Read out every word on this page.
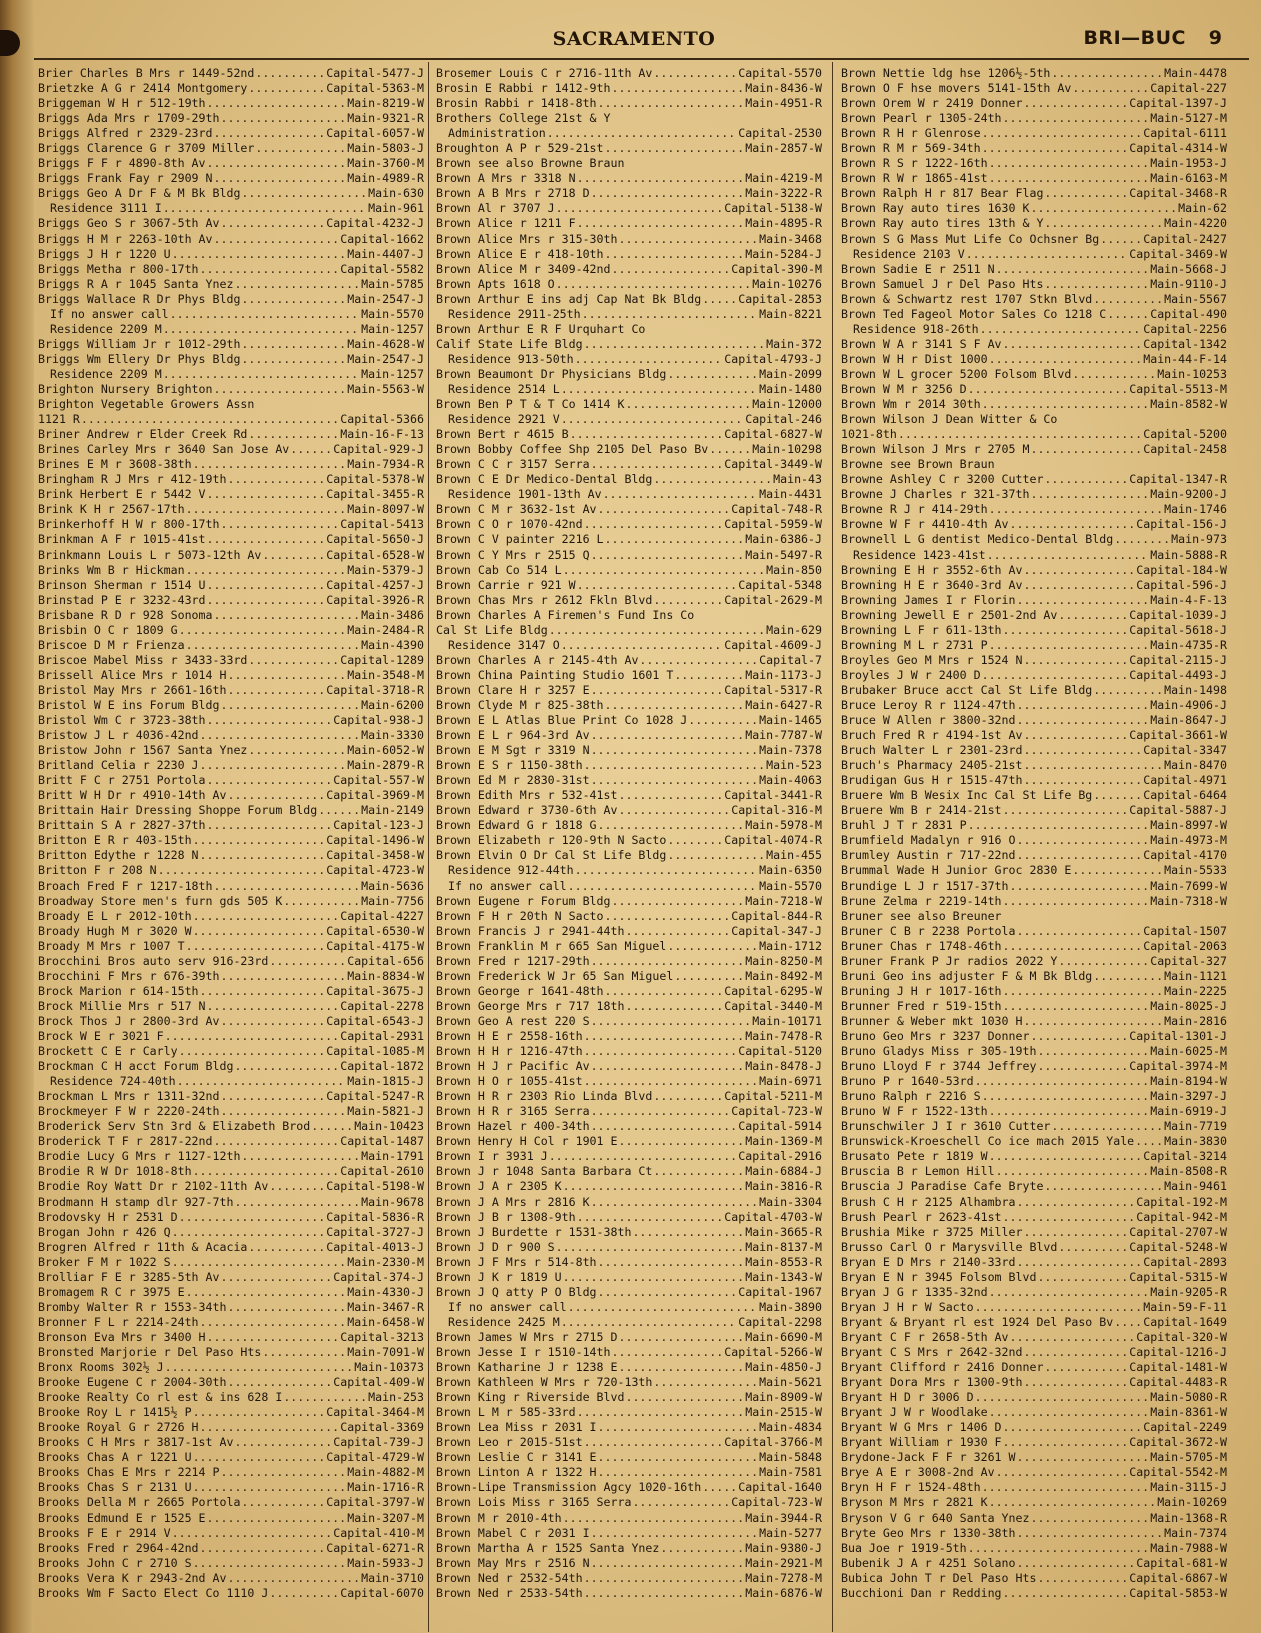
SACRAMENTO	BRI—BUC 9
Brier Charles B Mrs r 1449-52nd .....	Capital-5477-J
Brietzke A G r 2414 Montgomery .....	Capital-5363-M
Briggeman W H r 512-19th .....	Main-8219-W
Briggs Ada Mrs r 1709-29th .....	Main-9321-R
Briggs Alfred r 2329-23rd .....	Capital-6057-W
Briggs Clarence G r 3709 Miller .....	Main-5803-J
Briggs F F r 4890-8th Av .....	Main-3760-M
Briggs Frank Fay r 2909 N .....	Main-4989-R
Briggs Geo A Dr F & M Bk Bldg .....	Main-630
Residence 3111 I .....	Main-961
Briggs Geo S r 3067-5th Av .....	Capital-4232-J
Briggs H M r 2263-10th Av .....	Capital-1662
Briggs J H r 1220 U .....	Main-4407-J
Briggs Metha r 800-17th .....	Capital-5582
Briggs R A r 1045 Santa Ynez .....	Main-5785
Briggs Wallace R Dr Phys Bldg .....	Main-2547-J
If no answer call .....	Main-5570
Residence 2209 M .....	Main-1257
Briggs William Jr r 1012-29th .....	Main-4628-W
Briggs Wm Ellery Dr Phys Bldg .....	Main-2547-J
Residence 2209 M .....	Main-1257
Brighton Nursery Brighton .....	Main-5563-W
Brighton Vegetable Growers Assn
1121 R .....	Capital-5366
Briner Andrew r Elder Creek Rd .....	Main-16-F-13
Brines Carley Mrs r 3640 San Jose Av .....	Capital-929-J
Brines E M r 3608-38th .....	Main-7934-R
Bringham R J Mrs r 412-19th .....	Capital-5378-W
Brink Herbert E r 5442 V .....	Capital-3455-R
Brink K H r 2567-17th .....	Main-8097-W
Brinkerhoff H W r 800-17th .....	Capital-5413
Brinkman A F r 1015-41st .....	Capital-5650-J
Brinkmann Louis L r 5073-12th Av .....	Capital-6528-W
Brinks Wm B r Hickman .....	Main-5379-J
Brinson Sherman r 1514 U .....	Capital-4257-J
Brinstad P E r 3232-43rd .....	Capital-3926-R
Brisbane R D r 928 Sonoma .....	Main-3486
Brisbin O C r 1809 G .....	Main-2484-R
Briscoe D M r Frienza .....	Main-4390
Briscoe Mabel Miss r 3433-33rd .....	Capital-1289
Brissell Alice Mrs r 1014 H .....	Main-3548-M
Bristol May Mrs r 2661-16th .....	Capital-3718-R
Bristol W E ins Forum Bldg .....	Main-6200
Bristol Wm C r 3723-38th .....	Capital-938-J
Bristow J L r 4036-42nd .....	Main-3330
Bristow John r 1567 Santa Ynez .....	Main-6052-W
Britland Celia r 2230 J .....	Main-2879-R
Britt F C r 2751 Portola .....	Capital-557-W
Britt W H Dr r 4910-14th Av .....	Capital-3969-M
Brittain Hair Dressing Shoppe Forum Bldg .....	Main-2149
Brittain S A r 2827-37th .....	Capital-123-J
Britton E R r 403-15th .....	Capital-1496-W
Britton Edythe r 1228 N .....	Capital-3458-W
Britton F r 208 N .....	Capital-4723-W
Broach Fred F r 1217-18th .....	Main-5636
Broadway Store men's furn gds 505 K .....	Main-7756
Broady E L r 2012-10th .....	Capital-4227
Broady Hugh M r 3020 W .....	Capital-6530-W
Broady M Mrs r 1007 T .....	Capital-4175-W
Brocchini Bros auto serv 916-23rd .....	Capital-656
Brocchini F Mrs r 676-39th .....	Main-8834-W
Brock Marion r 614-15th .....	Capital-3675-J
Brock Millie Mrs r 517 N .....	Capital-2278
Brock Thos J r 2800-3rd Av .....	Capital-6543-J
Brock W E r 3021 F .....	Capital-2931
Brockett C E r Carly .....	Capital-1085-M
Brockman C H acct Forum Bldg .....	Capital-1872
Residence 724-40th .....	Main-1815-J
Brockman L Mrs r 1311-32nd .....	Capital-5247-R
Brockmeyer F W r 2220-24th .....	Main-5821-J
Broderick Serv Stn 3rd & Elizabeth Brod .....	Main-10423
Broderick T F r 2817-22nd .....	Capital-1487
Brodie Lucy G Mrs r 1127-12th .....	Main-1791
Brodie R W Dr 1018-8th .....	Capital-2610
Brodie Roy Watt Dr r 2102-11th Av .....	Capital-5198-W
Brodmann H stamp dlr 927-7th .....	Main-9678
Brodovsky H r 2531 D .....	Capital-5836-R
Brogan John r 426 Q .....	Capital-3727-J
Brogren Alfred r 11th & Acacia .....	Capital-4013-J
Broker F M r 1022 S .....	Main-2330-M
Brolliar F E r 3285-5th Av .....	Capital-374-J
Bromagem R C r 3975 E .....	Main-4330-J
Bromby Walter R r 1553-34th .....	Main-3467-R
Bronner F L r 2214-24th .....	Main-6458-W
Bronson Eva Mrs r 3400 H .....	Capital-3213
Bronsted Marjorie r Del Paso Hts .....	Main-7091-W
Bronx Rooms 302½ J .....	Main-10373
Brooke Eugene C r 2004-30th .....	Capital-409-W
Brooke Realty Co rl est & ins 628 I .....	Main-253
Brooke Roy L r 1415½ P .....	Capital-3464-M
Brooke Royal G r 2726 H .....	Capital-3369
Brooks C H Mrs r 3817-1st Av .....	Capital-739-J
Brooks Chas A r 1221 U .....	Capital-4729-W
Brooks Chas E Mrs r 2214 P .....	Main-4882-M
Brooks Chas S r 2131 U .....	Main-1716-R
Brooks Della M r 2665 Portola .....	Capital-3797-W
Brooks Edmund E r 1525 E .....	Main-3207-M
Brooks F E r 2914 V .....	Capital-410-M
Brooks Fred r 2964-42nd .....	Capital-6271-R
Brooks John C r 2710 S .....	Main-5933-J
Brooks Vera K r 2943-2nd Av .....	Main-3710
Brooks Wm F Sacto Elect Co 1110 J .....	Capital-6070
Brosemer Louis C r 2716-11th Av .....	Capital-5570
Brosin E Rabbi r 1412-9th .....	Main-8436-W
Brosin Rabbi r 1418-8th .....	Main-4951-R
Brothers College 21st & Y
Administration .....	Capital-2530
Broughton A P r 529-21st .....	Main-2857-W
Brown see also Browne Braun
Brown A Mrs r 3318 N .....	Main-4219-M
Brown A B Mrs r 2718 D .....	Main-3222-R
Brown Al r 3707 J .....	Capital-5138-W
Brown Alice r 1211 F .....	Main-4895-R
Brown Alice Mrs r 315-30th .....	Main-3468
Brown Alice E r 418-10th .....	Main-5284-J
Brown Alice M r 3409-42nd .....	Capital-390-M
Brown Apts 1618 O .....	Main-10276
Brown Arthur E ins adj Cap Nat Bk Bldg .....	Capital-2853
Residence 2911-25th .....	Main-8221
Brown Arthur E R F Urquhart Co
Calif State Life Bldg .....	Main-372
Residence 913-50th .....	Capital-4793-J
Brown Beaumont Dr Physicians Bldg .....	Main-2099
Residence 2514 L .....	Main-1480
Brown Ben P T & T Co 1414 K .....	Main-12000
Residence 2921 V .....	Capital-246
Brown Bert r 4615 B .....	Capital-6827-W
Brown Bobby Coffee Shp 2105 Del Paso Bv .....	Main-10298
Brown C C r 3157 Serra .....	Capital-3449-W
Brown C E Dr Medico-Dental Bldg .....	Main-43
Residence 1901-13th Av .....	Main-4431
Brown C M r 3632-1st Av .....	Capital-748-R
Brown C O r 1070-42nd .....	Capital-5959-W
Brown C V painter 2216 L .....	Main-6386-J
Brown C Y Mrs r 2515 Q .....	Main-5497-R
Brown Cab Co 514 L .....	Main-850
Brown Carrie r 921 W .....	Capital-5348
Brown Chas Mrs r 2612 Fkln Blvd .....	Capital-2629-M
Brown Charles A Firemen's Fund Ins Co
Cal St Life Bldg .....	Main-629
Residence 3147 O .....	Capital-4609-J
Brown Charles A r 2145-4th Av .....	Capital-7
Brown China Painting Studio 1601 T .....	Main-1173-J
Brown Clare H r 3257 E .....	Capital-5317-R
Brown Clyde M r 825-38th .....	Main-6427-R
Brown E L Atlas Blue Print Co 1028 J .....	Main-1465
Brown E L r 964-3rd Av .....	Main-7787-W
Brown E M Sgt r 3319 N .....	Main-7378
Brown E S r 1150-38th .....	Main-523
Brown Ed M r 2830-31st .....	Main-4063
Brown Edith Mrs r 532-41st .....	Capital-3441-R
Brown Edward r 3730-6th Av .....	Capital-316-M
Brown Edward G r 1818 G .....	Main-5978-M
Brown Elizabeth r 120-9th N Sacto .....	Capital-4074-R
Brown Elvin O Dr Cal St Life Bldg .....	Main-455
Residence 912-44th .....	Main-6350
If no answer call .....	Main-5570
Brown Eugene r Forum Bldg .....	Main-7218-W
Brown F H r 20th N Sacto .....	Capital-844-R
Brown Francis J r 2941-44th .....	Capital-347-J
Brown Franklin M r 665 San Miguel .....	Main-1712
Brown Fred r 1217-29th .....	Main-8250-M
Brown Frederick W Jr 65 San Miguel .....	Main-8492-M
Brown George r 1641-48th .....	Capital-6295-W
Brown George Mrs r 717 18th .....	Capital-3440-M
Brown Geo A rest 220 S .....	Main-10171
Brown H E r 2558-16th .....	Main-7478-R
Brown H H r 1216-47th .....	Capital-5120
Brown H J r Pacific Av .....	Main-8478-J
Brown H O r 1055-41st .....	Main-6971
Brown H R r 2303 Rio Linda Blvd .....	Capital-5211-M
Brown H R r 3165 Serra .....	Capital-723-W
Brown Hazel r 400-34th .....	Capital-5914
Brown Henry H Col r 1901 E .....	Main-1369-M
Brown I r 3931 J .....	Capital-2916
Brown J r 1048 Santa Barbara Ct .....	Main-6884-J
Brown J A r 2305 K .....	Main-3816-R
Brown J A Mrs r 2816 K .....	Main-3304
Brown J B r 1308-9th .....	Capital-4703-W
Brown J Burdette r 1531-38th .....	Main-3665-R
Brown J D r 900 S .....	Main-8137-M
Brown J F Mrs r 514-8th .....	Main-8553-R
Brown J K r 1819 U .....	Main-1343-W
Brown J Q atty P O Bldg .....	Capital-1967
If no answer call .....	Main-3890
Residence 2425 M .....	Capital-2298
Brown James W Mrs r 2715 D .....	Main-6690-M
Brown Jesse I r 1510-14th .....	Capital-5266-W
Brown Katharine J r 1238 E .....	Main-4850-J
Brown Kathleen W Mrs r 720-13th .....	Main-5621
Brown King r Riverside Blvd .....	Main-8909-W
Brown L M r 585-33rd .....	Main-2515-W
Brown Lea Miss r 2031 I .....	Main-4834
Brown Leo r 2015-51st .....	Capital-3766-M
Brown Leslie C r 3141 E .....	Main-5848
Brown Linton A r 1322 H .....	Main-7581
Brown-Lipe Transmission Agcy 1020-16th .....	Capital-1640
Brown Lois Miss r 3165 Serra .....	Capital-723-W
Brown M r 2010-4th .....	Main-3944-R
Brown Mabel C r 2031 I .....	Main-5277
Brown Martha A r 1525 Santa Ynez .....	Main-9380-J
Brown May Mrs r 2516 N .....	Main-2921-M
Brown Ned r 2532-54th .....	Main-7278-M
Brown Ned r 2533-54th .....	Main-6876-W
Brown Nettie ldg hse 1206½-5th .....	Main-4478
Brown O F hse movers 5141-15th Av .....	Capital-227
Brown Orem W r 2419 Donner .....	Capital-1397-J
Brown Pearl r 1305-24th .....	Main-5127-M
Brown R H r Glenrose .....	Capital-6111
Brown R M r 569-34th .....	Capital-4314-W
Brown R S r 1222-16th .....	Main-1953-J
Brown R W r 1865-41st .....	Main-6163-M
Brown Ralph H r 817 Bear Flag .....	Capital-3468-R
Brown Ray auto tires 1630 K .....	Main-62
Brown Ray auto tires 13th & Y .....	Main-4220
Brown S G Mass Mut Life Co Ochsner Bg .....	Capital-2427
Residence 2103 V .....	Capital-3469-W
Brown Sadie E r 2511 N .....	Main-5668-J
Brown Samuel J r Del Paso Hts .....	Main-9110-J
Brown & Schwartz rest 1707 Stkn Blvd .....	Main-5567
Brown Ted Fageol Motor Sales Co 1218 C .....	Capital-490
Residence 918-26th .....	Capital-2256
Brown W A r 3141 S F Av .....	Capital-1342
Brown W H r Dist 1000 .....	Main-44-F-14
Brown W L grocer 5200 Folsom Blvd .....	Main-10253
Brown W M r 3256 D .....	Capital-5513-M
Brown Wm r 2014 30th .....	Main-8582-W
Brown Wilson J Dean Witter & Co
1021-8th .....	Capital-5200
Brown Wilson J Mrs r 2705 M .....	Capital-2458
Browne see Brown Braun
Browne Ashley C r 3200 Cutter .....	Capital-1347-R
Browne J Charles r 321-37th .....	Main-9200-J
Browne R J r 414-29th .....	Main-1746
Browne W F r 4410-4th Av .....	Capital-156-J
Brownell L G dentist Medico-Dental Bldg .....	Main-973
Residence 1423-41st .....	Main-5888-R
Browning E H r 3552-6th Av .....	Capital-184-W
Browning H E r 3640-3rd Av .....	Capital-596-J
Browning James I r Florin .....	Main-4-F-13
Browning Jewell E r 2501-2nd Av .....	Capital-1039-J
Browning L F r 611-13th .....	Capital-5618-J
Browning M L r 2731 P .....	Main-4735-R
Broyles Geo M Mrs r 1524 N .....	Capital-2115-J
Broyles J W r 2400 D .....	Capital-4493-J
Brubaker Bruce acct Cal St Life Bldg .....	Main-1498
Bruce Leroy R r 1124-47th .....	Main-4906-J
Bruce W Allen r 3800-32nd .....	Main-8647-J
Bruch Fred R r 4194-1st Av .....	Capital-3661-W
Bruch Walter L r 2301-23rd .....	Capital-3347
Bruch's Pharmacy 2405-21st .....	Main-8470
Brudigan Gus H r 1515-47th .....	Capital-4971
Bruere Wm B Wesix Inc Cal St Life Bg .....	Capital-6464
Bruere Wm B r 2414-21st .....	Capital-5887-J
Bruhl J T r 2831 P .....	Main-8997-W
Brumfield Madalyn r 916 O .....	Main-4973-M
Brumley Austin r 717-22nd .....	Capital-4170
Brummal Wade H Junior Groc 2830 E .....	Main-5533
Brundige L J r 1517-37th .....	Main-7699-W
Brune Zelma r 2219-14th .....	Main-7318-W
Bruner see also Breuner
Bruner C B r 2238 Portola .....	Capital-1507
Bruner Chas r 1748-46th .....	Capital-2063
Bruner Frank P Jr radios 2022 Y .....	Capital-327
Bruni Geo ins adjuster F & M Bk Bldg .....	Main-1121
Bruning J H r 1017-16th .....	Main-2225
Brunner Fred r 519-15th .....	Main-8025-J
Brunner & Weber mkt 1030 H .....	Main-2816
Bruno Geo Mrs r 3237 Donner .....	Capital-1301-J
Bruno Gladys Miss r 305-19th .....	Main-6025-M
Bruno Lloyd F r 3744 Jeffrey .....	Capital-3974-M
Bruno P r 1640-53rd .....	Main-8194-W
Bruno Ralph r 2216 S .....	Main-3297-J
Bruno W F r 1522-13th .....	Main-6919-J
Brunschwiler J I r 3610 Cutter .....	Main-7719
Brunswick-Kroeschell Co ice mach 2015 Yale .....	Main-3830
Brusato Pete r 1819 W .....	Capital-3214
Bruscia B r Lemon Hill .....	Main-8508-R
Bruscia J Paradise Cafe Bryte .....	Main-9461
Brush C H r 2125 Alhambra .....	Capital-192-M
Brush Pearl r 2623-41st .....	Capital-942-M
Brushia Mike r 3725 Miller .....	Capital-2707-W
Brusso Carl O r Marysville Blvd .....	Capital-5248-W
Bryan E D Mrs r 2140-33rd .....	Capital-2893
Bryan E N r 3945 Folsom Blvd .....	Capital-5315-W
Bryan J G r 1335-32nd .....	Main-9205-R
Bryan J H r W Sacto .....	Main-59-F-11
Bryant & Bryant rl est 1924 Del Paso Bv .....	Capital-1649
Bryant C F r 2658-5th Av .....	Capital-320-W
Bryant C S Mrs r 2642-32nd .....	Capital-1216-J
Bryant Clifford r 2416 Donner .....	Capital-1481-W
Bryant Dora Mrs r 1300-9th .....	Capital-4483-R
Bryant H D r 3006 D .....	Main-5080-R
Bryant J W r Woodlake .....	Main-8361-W
Bryant W G Mrs r 1406 D .....	Capital-2249
Bryant William r 1930 F .....	Capital-3672-W
Brydone-Jack F F r 3261 W .....	Main-5705-M
Brye A E r 3008-2nd Av .....	Capital-5542-M
Bryn H F r 1524-48th .....	Main-3115-J
Bryson M Mrs r 2821 K .....	Main-10269
Bryson V G r 640 Santa Ynez .....	Main-1368-R
Bryte Geo Mrs r 1330-38th .....	Main-7374
Bua Joe r 1919-5th .....	Main-7988-W
Bubenik J A r 4251 Solano .....	Capital-681-W
Bubica John T r Del Paso Hts .....	Capital-6867-W
Bucchioni Dan r Redding .....	Capital-5853-W
